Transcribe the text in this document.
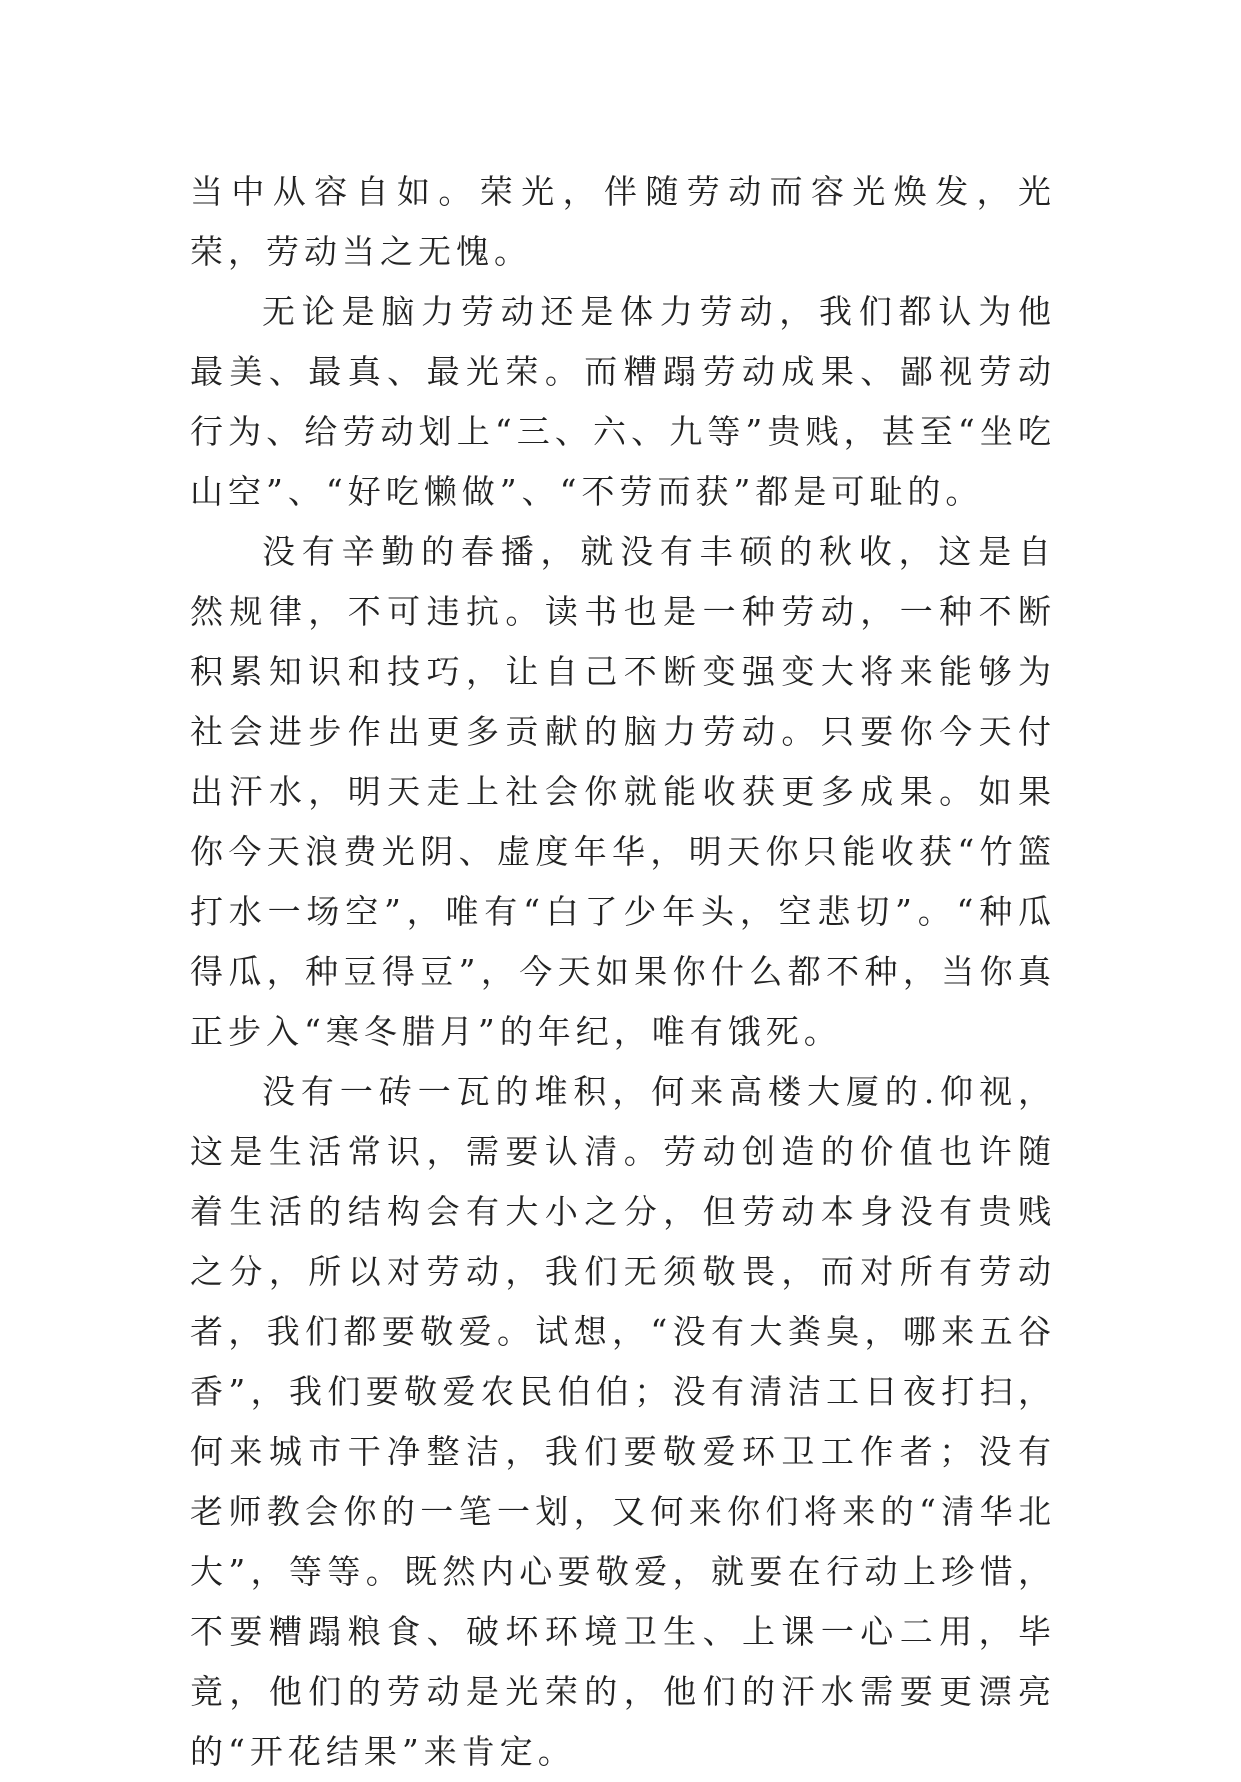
当中从容自如。荣光，伴随劳动而容光焕发，光荣，劳动当之无愧。

无论是脑力劳动还是体力劳动，我们都认为他最美、最真、最光荣。而糟蹋劳动成果、鄙视劳动行为、给劳动划上“三、六、九等”贵贱，甚至“坐吃山空”、“好吃懒做”、“不劳而获”都是可耻的。

没有辛勤的春播，就没有丰硕的秋收，这是自然规律，不可违抗。读书也是一种劳动，一种不断积累知识和技巧，让自己不断变强变大将来能够为社会进步作出更多贡献的脑力劳动。只要你今天付出汗水，明天走上社会你就能收获更多成果。如果你今天浪费光阴、虚度年华，明天你只能收获“竹篮打水一场空”，唯有“白了少年头，空悲切”。“种瓜得瓜，种豆得豆”，今天如果你什么都不种，当你真正步入“寒冬腊月”的年纪，唯有饿死。

没有一砖一瓦的堆积，何来高楼大厦的.仰视，这是生活常识，需要认清。劳动创造的价值也许随着生活的结构会有大小之分，但劳动本身没有贵贱之分，所以对劳动，我们无须敬畏，而对所有劳动者，我们都要敬爱。试想，“没有大粪臭，哪来五谷香”，我们要敬爱农民伯伯；没有清洁工日夜打扫，何来城市干净整洁，我们要敬爱环卫工作者；没有老师教会你的一笔一划，又何来你们将来的“清华北大”，等等。既然内心要敬爱，就要在行动上珍惜，不要糟蹋粮食、破坏环境卫生、上课一心二用，毕竟，他们的劳动是光荣的，他们的汗水需要更漂亮的“开花结果”来肯定。
